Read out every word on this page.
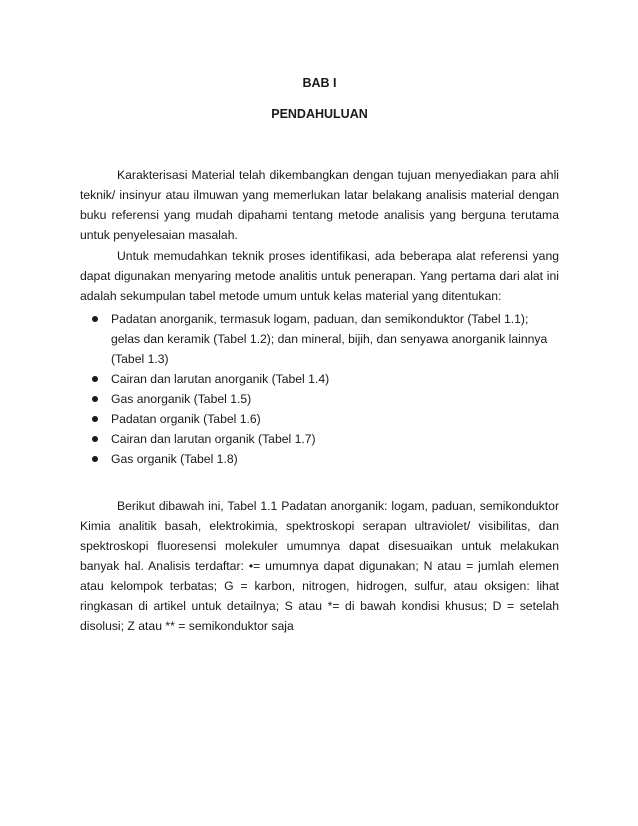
BAB I
PENDAHULUAN

Karakterisasi Material telah dikembangkan dengan tujuan menyediakan para ahli teknik/ insinyur atau ilmuwan yang memerlukan latar belakang analisis material dengan buku referensi yang mudah dipahami tentang metode analisis yang berguna terutama untuk penyelesaian masalah.

Untuk memudahkan teknik proses identifikasi, ada beberapa alat referensi yang dapat digunakan menyaring metode analitis untuk penerapan. Yang pertama dari alat ini adalah sekumpulan tabel metode umum untuk kelas material yang ditentukan:

Padatan anorganik, termasuk logam, paduan, dan semikonduktor (Tabel 1.1); gelas dan keramik (Tabel 1.2); dan mineral, bijih, dan senyawa anorganik lainnya (Tabel 1.3)
Cairan dan larutan anorganik (Tabel 1.4)
Gas anorganik (Tabel 1.5)
Padatan organik (Tabel 1.6)
Cairan dan larutan organik (Tabel 1.7)
Gas organik (Tabel 1.8)

Berikut dibawah ini, Tabel 1.1 Padatan anorganik: logam, paduan, semikonduktor Kimia analitik basah, elektrokimia, spektroskopi serapan ultraviolet/ visibilitas, dan spektroskopi fluoresensi molekuler umumnya dapat disesuaikan untuk melakukan banyak hal. Analisis terdaftar: •= umumnya dapat digunakan; N atau = jumlah elemen atau kelompok terbatas; G = karbon, nitrogen, hidrogen, sulfur, atau oksigen: lihat ringkasan di artikel untuk detailnya; S atau *= di bawah kondisi khusus; D = setelah disolusi; Z atau ** = semikonduktor saja
